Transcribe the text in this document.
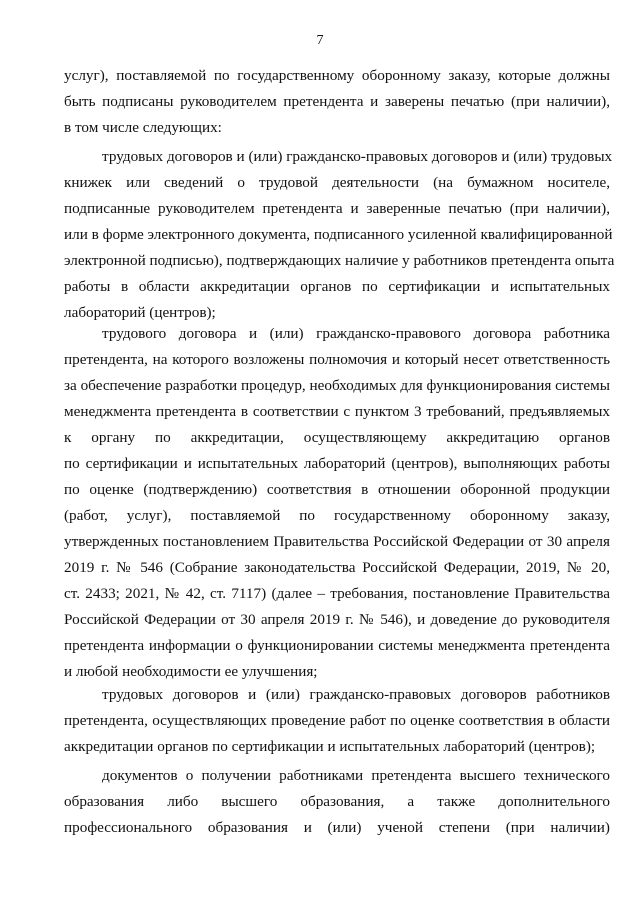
7
услуг), поставляемой по государственному оборонному заказу, которые должны
быть подписаны руководителем претендента и заверены печатью (при наличии),
в том числе следующих:
трудовых договоров и (или) гражданско-правовых договоров и (или) трудовых
книжек или сведений о трудовой деятельности (на бумажном носителе,
подписанные руководителем претендента и заверенные печатью (при наличии),
или в форме электронного документа, подписанного усиленной квалифицированной
электронной подписью), подтверждающих наличие у работников претендента опыта
работы в области аккредитации органов по сертификации и испытательных
лабораторий (центров);
трудового договора и (или) гражданско-правового договора работника
претендента, на которого возложены полномочия и который несет ответственность
за обеспечение разработки процедур, необходимых для функционирования системы
менеджмента претендента в соответствии с пунктом 3 требований, предъявляемых
к органу по аккредитации, осуществляющему аккредитацию органов
по сертификации и испытательных лабораторий (центров), выполняющих работы
по оценке (подтверждению) соответствия в отношении оборонной продукции
(работ, услуг), поставляемой по государственному оборонному заказу,
утвержденных постановлением Правительства Российской Федерации от 30 апреля
2019 г. № 546 (Собрание законодательства Российской Федерации, 2019, № 20,
ст. 2433; 2021, № 42, ст. 7117) (далее – требования, постановление Правительства
Российской Федерации от 30 апреля 2019 г. № 546), и доведение до руководителя
претендента информации о функционировании системы менеджмента претендента
и любой необходимости ее улучшения;
трудовых договоров и (или) гражданско-правовых договоров работников
претендента, осуществляющих проведение работ по оценке соответствия в области
аккредитации органов по сертификации и испытательных лабораторий (центров);
документов о получении работниками претендента высшего технического
образования либо высшего образования, а также дополнительного
профессионального образования и (или) ученой степени (при наличии)
